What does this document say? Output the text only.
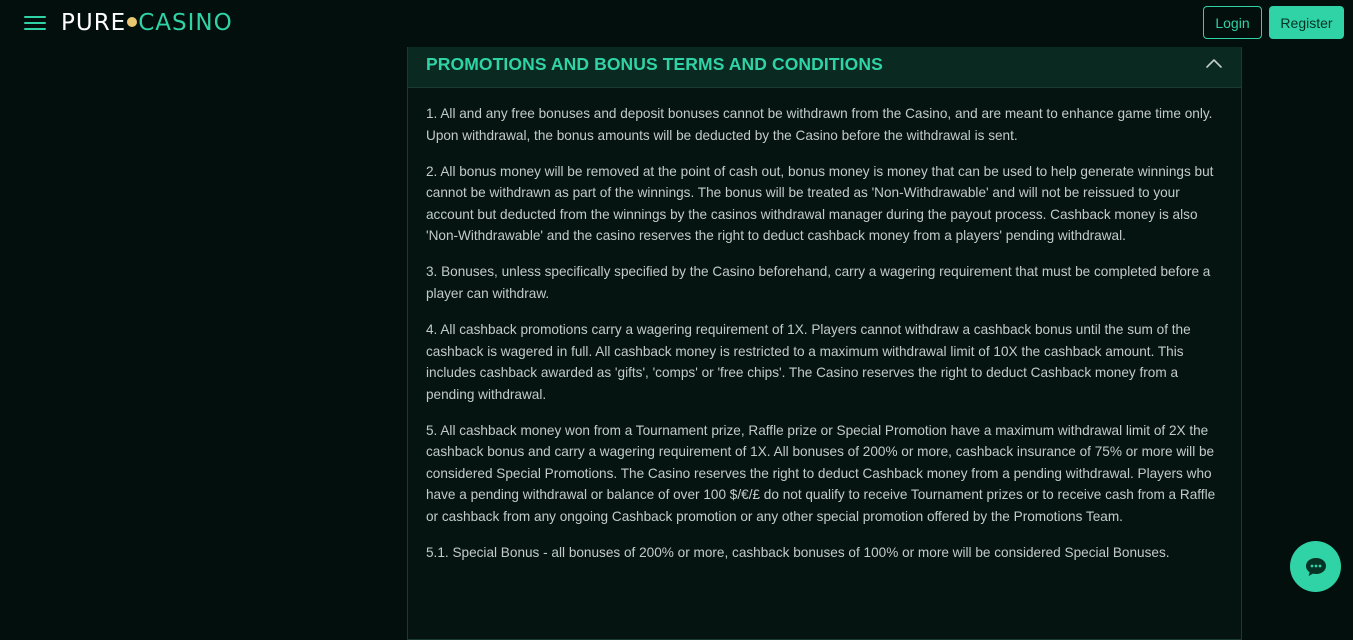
PURE CASINO	Login	Register
PROMOTIONS AND BONUS TERMS AND CONDITIONS

1. All and any free bonuses and deposit bonuses cannot be withdrawn from the Casino, and are meant to enhance game time only. Upon withdrawal, the bonus amounts will be deducted by the Casino before the withdrawal is sent.

2. All bonus money will be removed at the point of cash out, bonus money is money that can be used to help generate winnings but cannot be withdrawn as part of the winnings. The bonus will be treated as 'Non-Withdrawable' and will not be reissued to your account but deducted from the winnings by the casinos withdrawal manager during the payout process. Cashback money is also 'Non-Withdrawable' and the casino reserves the right to deduct cashback money from a players' pending withdrawal.

3. Bonuses, unless specifically specified by the Casino beforehand, carry a wagering requirement that must be completed before a player can withdraw.

4. All cashback promotions carry a wagering requirement of 1X. Players cannot withdraw a cashback bonus until the sum of the cashback is wagered in full. All cashback money is restricted to a maximum withdrawal limit of 10X the cashback amount. This includes cashback awarded as 'gifts', 'comps' or 'free chips'. The Casino reserves the right to deduct Cashback money from a pending withdrawal.

5. All cashback money won from a Tournament prize, Raffle prize or Special Promotion have a maximum withdrawal limit of 2X the cashback bonus and carry a wagering requirement of 1X. All bonuses of 200% or more, cashback insurance of 75% or more will be considered Special Promotions. The Casino reserves the right to deduct Cashback money from a pending withdrawal. Players who have a pending withdrawal or balance of over 100 $/€/£ do not qualify to receive Tournament prizes or to receive cash from a Raffle or cashback from any ongoing Cashback promotion or any other special promotion offered by the Promotions Team.

5.1. Special Bonus - all bonuses of 200% or more, cashback bonuses of 100% or more will be considered Special Bonuses.
